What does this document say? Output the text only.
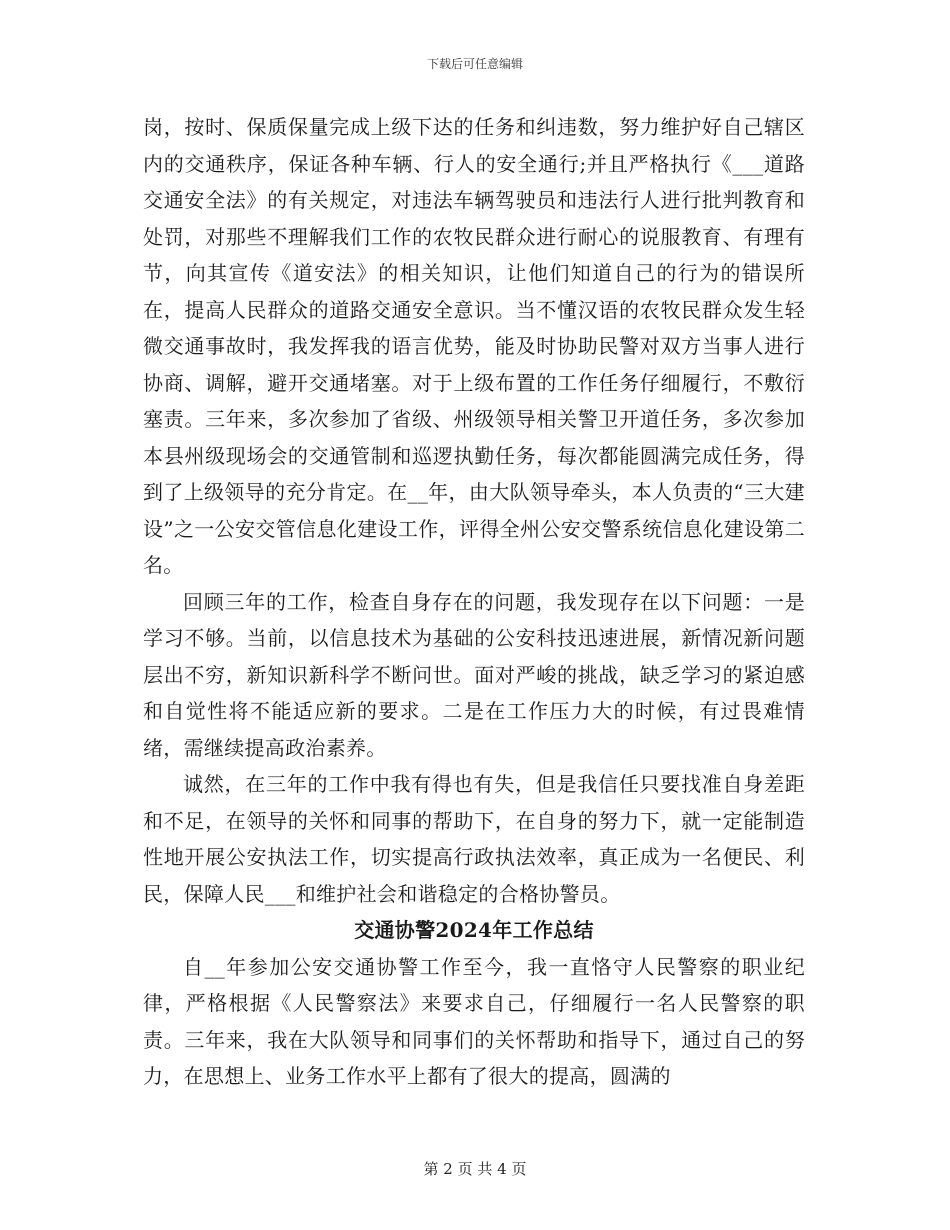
下载后可任意编辑

岗，按时、保质保量完成上级下达的任务和纠违数，努力维护好自己辖区内的交通秩序，保证各种车辆、行人的安全通行;并且严格执行《___道路交通安全法》的有关规定，对违法车辆驾驶员和违法行人进行批判教育和处罚，对那些不理解我们工作的农牧民群众进行耐心的说服教育、有理有节，向其宣传《道安法》的相关知识，让他们知道自己的行为的错误所在，提高人民群众的道路交通安全意识。当不懂汉语的农牧民群众发生轻微交通事故时，我发挥我的语言优势，能及时协助民警对双方当事人进行协商、调解，避开交通堵塞。对于上级布置的工作任务仔细履行，不敷衍塞责。三年来，多次参加了省级、州级领导相关警卫开道任务，多次参加本县州级现场会的交通管制和巡逻执勤任务，每次都能圆满完成任务，得到了上级领导的充分肯定。在__年，由大队领导牵头，本人负责的“三大建设”之一公安交管信息化建设工作，评得全州公安交警系统信息化建设第二名。

回顾三年的工作，检查自身存在的问题，我发现存在以下问题：一是学习不够。当前，以信息技术为基础的公安科技迅速进展，新情况新问题层出不穷，新知识新科学不断问世。面对严峻的挑战，缺乏学习的紧迫感和自觉性将不能适应新的要求。二是在工作压力大的时候，有过畏难情绪，需继续提高政治素养。

诚然，在三年的工作中我有得也有失，但是我信任只要找准自身差距和不足，在领导的关怀和同事的帮助下，在自身的努力下，就一定能制造性地开展公安执法工作，切实提高行政执法效率，真正成为一名便民、利民，保障人民___和维护社会和谐稳定的合格协警员。

交通协警2024年工作总结

自__年参加公安交通协警工作至今，我一直恪守人民警察的职业纪律，严格根据《人民警察法》来要求自己，仔细履行一名人民警察的职责。三年来，我在大队领导和同事们的关怀帮助和指导下，通过自己的努力，在思想上、业务工作水平上都有了很大的提高，圆满的

第 2 页 共 4 页
